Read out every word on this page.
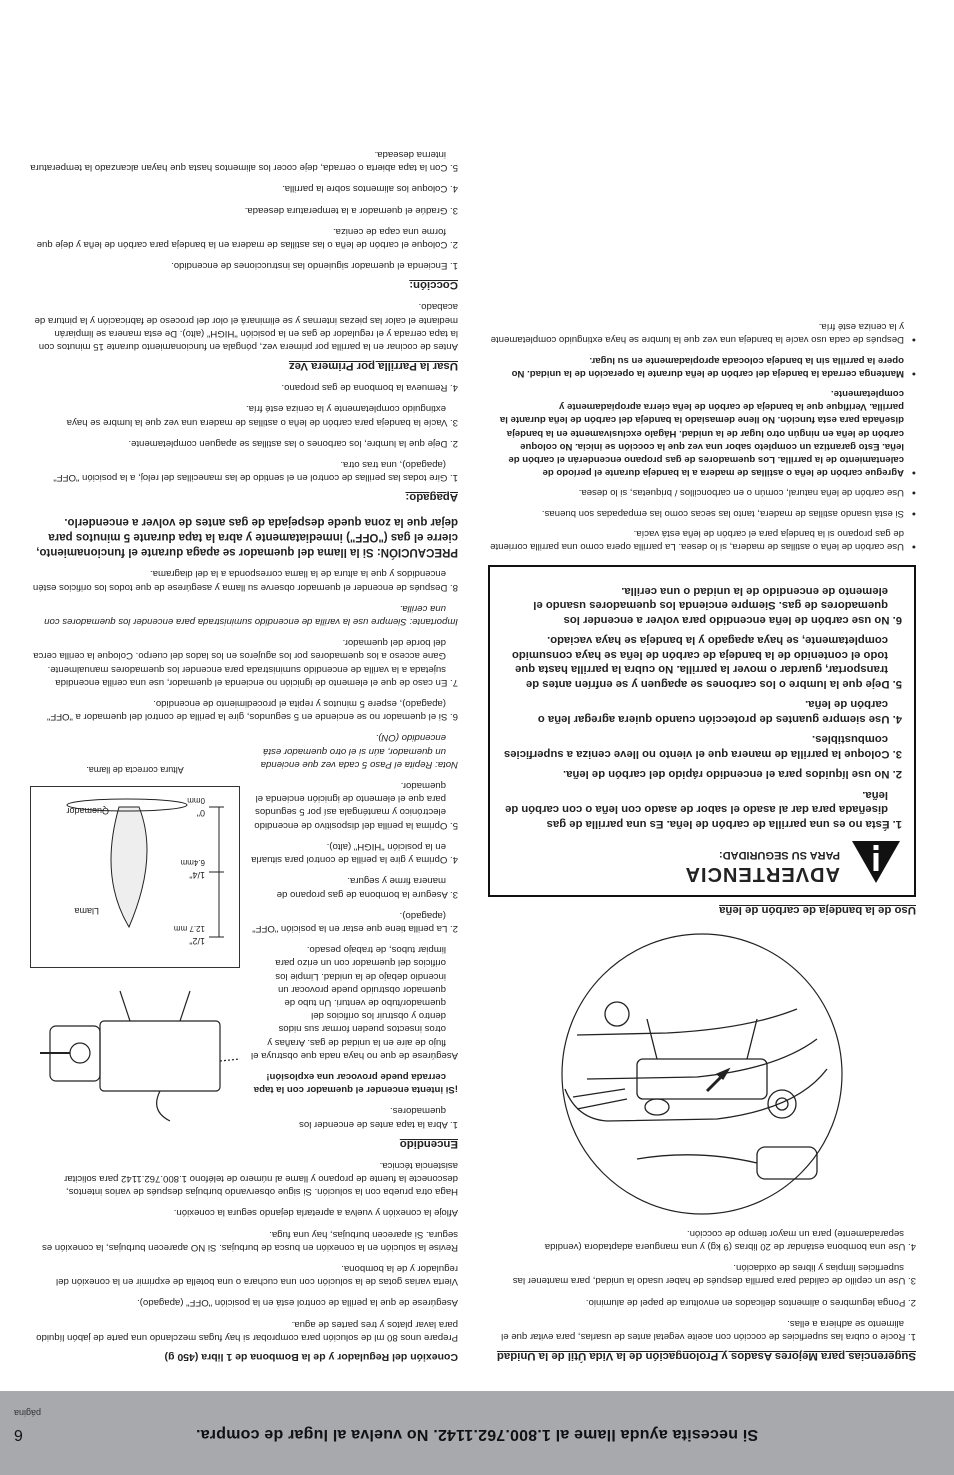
Si necesita ayuda llame al 1.800.762.1142. No vuelva al lugar de compra.
6
página
Sugerencias para Mejores Asados y Prolongación de la Vida Útil de la Unidad
1. Rocíe o cubra las superficies de cocción con aceite vegetal antes de usarlas, para evitar que el alimento se adhiera a ellas.
2. Ponga legumbres o alimentos delicados en envoltura de papel de aluminio.
3. Use un cepillo de calidad para parrilla después de haber usado la unidad, para mantener las superficies limpias y libres de oxidación.
4. Use una bombona estándar de 20 libras (9 kg) y una manguera adaptadora (vendida separadamente) para un mayor tiempo de cocción.
Uso de la bandeja de carbón de leña
ADVERTENCIA
PARA SU SEGURIDAD:
1. Ésta no es una parrilla de carbón de leña. Es una parrilla de gas diseñada para dar al asado el sabor de asado con leña o con carbón de leña.
2. No use líquidos para el encendido rápido del carbón de leña.
3. Coloque la parrilla de manera que el viento no lleve ceniza a superficies combustibles.
4. Use siempre guantes de protección cuando quiera agregar leña o carbón de leña.
5. Deje que la lumbre o los carbones se apaguen y se enfríen antes de transportar, guardar o mover la parrilla. No cubra la parrilla hasta que todo el contenido de la bandeja de carbón de leña se haya consumido completamente, se haya apagado y la bandeja se haya vaciado.
6. No use carbón de leña encendido para volver a encender los quemadores de gas. Siempre encienda los quemadores usando el elemento de encendido de la unidad o una cerilla.
● Use carbón de leña o astillas de madera, si lo desea. La parrilla opera como una parrilla corriente de gas propano si la bandeja para el carbón de leña está vacía.
● Si está usando astillas de madera, tanto las secas como las empapadas son buenas.
● Use carbón de leña natural, común o en carboncillos / briquetas, si lo desea.
● Agregue carbón de leña o astillas de madera a la bandeja durante el período de calentamiento de la parrilla. Los quemadores de gas propano encenderán el carbón de leña. Esto garantiza un completo sabor una vez que la cocción se inicia. No coloque carbón de leña en ningún otro lugar de la unidad. Hágalo exclusivamente en la bandeja diseñada para esta función. No llene demasiado la bandeja del carbón de leña durante la parrilla. Verifique que la bandeja de carbón de leña cierra apropiadamente y completamente.
● Mantenga cerrada la bandeja del carbón de leña durante la operación de la unidad. No opere la parrilla sin la bandeja colocada apropiadamente en su lugar.
● Después de cada uso vacíe la bandeja una vez que la lumbre se haya extinguido completamente y la ceniza esté fría.
Conexión del Regulador y de la Bombona de 1 libra (450 g)

Prepare unos 80 ml de solución para comprobar si hay fugas mezclando una parte de jabón líquido para lavar platos y tres partes de agua.

Asegúrese de que la perilla de control está en la posición "OFF" (apagado).

Vierta varias gotas de la solución con una cuchara o una botella de exprimir en la conexión del regulador y de la bombona.

Revise la solución en la conexión en busca de burbujas. Si NO aparecen burbujas, la conexión es segura. Si aparecen burbujas, hay una fuga.

Afloje la conexión y vuelva a apretarla dejando segura la conexión.

Haga otra prueba con la solución. Si sigue observando burbujas después de varios intentos, desconecte la fuente de propano y llame al número de teléfono 1.800.762.1142 para solicitar asistencia técnica.

Encendido
1. Abra la tapa antes de encender los quemadores.
¡Si intenta encender el quemador con la tapa cerrada puede provocar una explosión!
Asegúrese de que no haya nada que obstruya el flujo de aire en la unidad de gas. Arañas y otros insectos pueden formar sus nidos dentro y obstruir los orificios del quemador/tubo de venturi. Un tubo de quemador obstruido puede provocar un incendio debajo de la unidad. Limpie los orificios del quemador con un erizo para limpiar tubos, de trabajo pesado.
2. La perilla tiene que estar en la posición "OFF" (apagado).
3. Asegure la bombona de gas propano de manera firme y segura.
4. Oprima y gire la perilla de control para situarla en la posición "HIGH" (alto).
5. Oprima la perilla del dispositivo de encendido electrónico y manténgala así por 5 segundos para que el elemento de ignición encienda el quemador.
Nota: Repita el Paso 5 cada vez que encienda un quemador, aún si el otro quemador está encendido (ON).
1/2"
12.7 mm
1/4"
6.4mm
0"
0mm
Llama
Quemador
Altura correcta de llama.
6. Si el quemador no se enciende en 5 segundos, gire la perilla de control del quemador a "OFF" (apagado), espere 5 minutos y repita el procedimiento de encendido.
7. En caso de que el elemento de ignición no encienda el quemador, use una cerilla encendida sujetada a la varilla de encendido suministrada para encender los quemadores manualmente. Gane acceso a los quemadores por los agujeros en los lados del cuerpo. Coloque la cerilla cerca del borde del quemador.
Importante: Siempre use la varilla de encendido suministrada para encender los quemadores con una cerilla.
8. Después de encender el quemador observe su llama y asegúrese de que todos los orificios estén encendidos y que la altura de la llama corresponda a la del diagrama.
PRECAUCIÓN: Si la llama del quemador se apaga durante el funcionamiento, cierre el gas ("OFF") inmediatamente y abra la tapa durante 5 minutos para dejar que la zona quede despejada de gas antes de volver a encenderlo.
Apagado:
1. Gire todas las perillas de control en el sentido de las manecillas del reloj, a la posición "OFF" (apagado), una tras otra.
2. Deje que la lumbre, los carbones o las astillas se apaguen completamente.
3. Vacíe la bandeja para carbón de leña o astillas de madera una vez que la lumbre se haya extinguido completamente y la ceniza esté fría.
4. Remueva la bombona de gas propano.
Usar la Parrilla por Primera Vez

Antes de cocinar en la parrilla por primera vez, póngala en funcionamiento durante 15 minutos con la tapa cerrada y el regulador de gas en la posición "HIGH" (alto). De esta manera se limpiarán mediante el calor las piezas internas y se eliminará el olor del proceso de fabricación y la pintura de acabado.

Cocción:
1. Encienda el quemador siguiendo las instrucciones de encendido.
2. Coloque el carbón de leña o las astillas de madera en la bandeja para carbón de leña y deje que forme una capa de ceniza.
3. Gradúe el quemador a la temperatura deseada.
4. Coloque los alimentos sobre la parrilla.
5. Con la tapa abierta o cerrada, deje cocer los alimentos hasta que hayan alcanzado la temperatura interna deseada.
